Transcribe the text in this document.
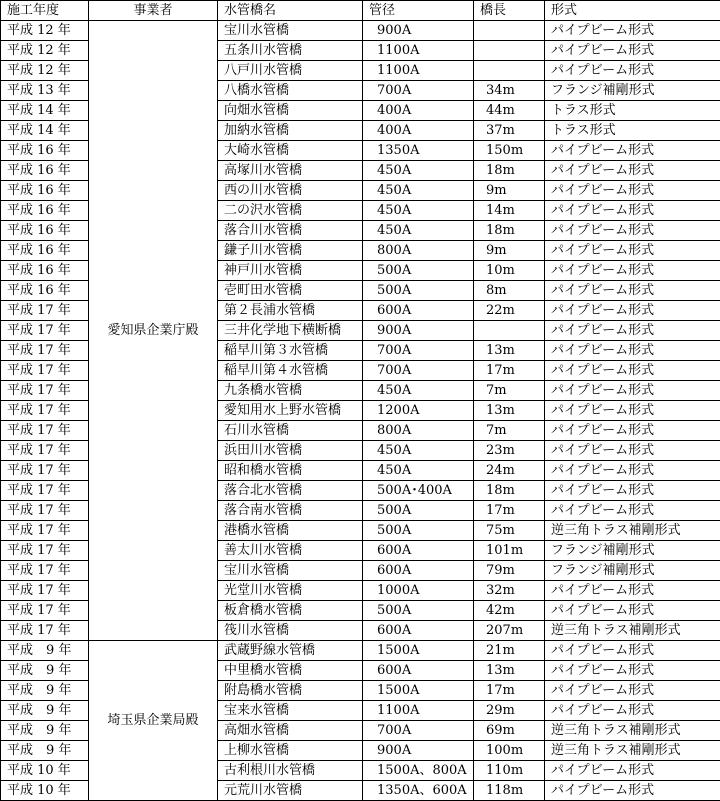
施工年度	事業者	水管橋名	管径	橋長	形式
平成 12 年	愛知県企業庁殿	宝川水管橋	900A		パイプビーム形式
平成 12 年		五条川水管橋	1100A		パイプビーム形式
平成 12 年		八戸川水管橋	1100A		パイプビーム形式
平成 13 年		八橋水管橋	700A	34m	フランジ補剛形式
平成 14 年		向畑水管橋	400A	44m	トラス形式
平成 14 年		加納水管橋	400A	37m	トラス形式
平成 16 年		大崎水管橋	1350A	150m	パイプビーム形式
平成 16 年		高塚川水管橋	450A	18m	パイプビーム形式
平成 16 年		西の川水管橋	450A	9m	パイプビーム形式
平成 16 年		二の沢水管橋	450A	14m	パイプビーム形式
平成 16 年		落合川水管橋	450A	18m	パイプビーム形式
平成 16 年		鎌子川水管橋	800A	9m	パイプビーム形式
平成 16 年		神戸川水管橋	500A	10m	パイプビーム形式
平成 16 年		壱町田水管橋	500A	8m	パイプビーム形式
平成 17 年		第２長浦水管橋	600A	22m	パイプビーム形式
平成 17 年		三井化学地下横断橋	900A		パイプビーム形式
平成 17 年		稲早川第３水管橋	700A	13m	パイプビーム形式
平成 17 年		稲早川第４水管橋	700A	17m	パイプビーム形式
平成 17 年		九条橋水管橋	450A	7m	パイプビーム形式
平成 17 年		愛知用水上野水管橋	1200A	13m	パイプビーム形式
平成 17 年		石川水管橋	800A	7m	パイプビーム形式
平成 17 年		浜田川水管橋	450A	23m	パイプビーム形式
平成 17 年		昭和橋水管橋	450A	24m	パイプビーム形式
平成 17 年		落合北水管橋	500A･400A	18m	パイプビーム形式
平成 17 年		落合南水管橋	500A	17m	パイプビーム形式
平成 17 年		港橋水管橋	500A	75m	逆三角トラス補剛形式
平成 17 年		善太川水管橋	600A	101m	フランジ補剛形式
平成 17 年		宝川水管橋	600A	79m	フランジ補剛形式
平成 17 年		光堂川水管橋	1000A	32m	パイプビーム形式
平成 17 年		板倉橋水管橋	500A	42m	パイプビーム形式
平成 17 年		筏川水管橋	600A	207m	逆三角トラス補剛形式
平成　9 年	埼玉県企業局殿	武蔵野線水管橋	1500A	21m	パイプビーム形式
平成　9 年		中里橋水管橋	600A	13m	パイプビーム形式
平成　9 年		附島橋水管橋	1500A	17m	パイプビーム形式
平成　9 年		宝来水管橋	1100A	29m	パイプビーム形式
平成　9 年		高畑水管橋	700A	69m	逆三角トラス補剛形式
平成　9 年		上柳水管橋	900A	100m	逆三角トラス補剛形式
平成 10 年		古利根川水管橋	1500A、800A	110m	パイプビーム形式
平成 10 年		元荒川水管橋	1350A、600A	118m	パイプビーム形式
